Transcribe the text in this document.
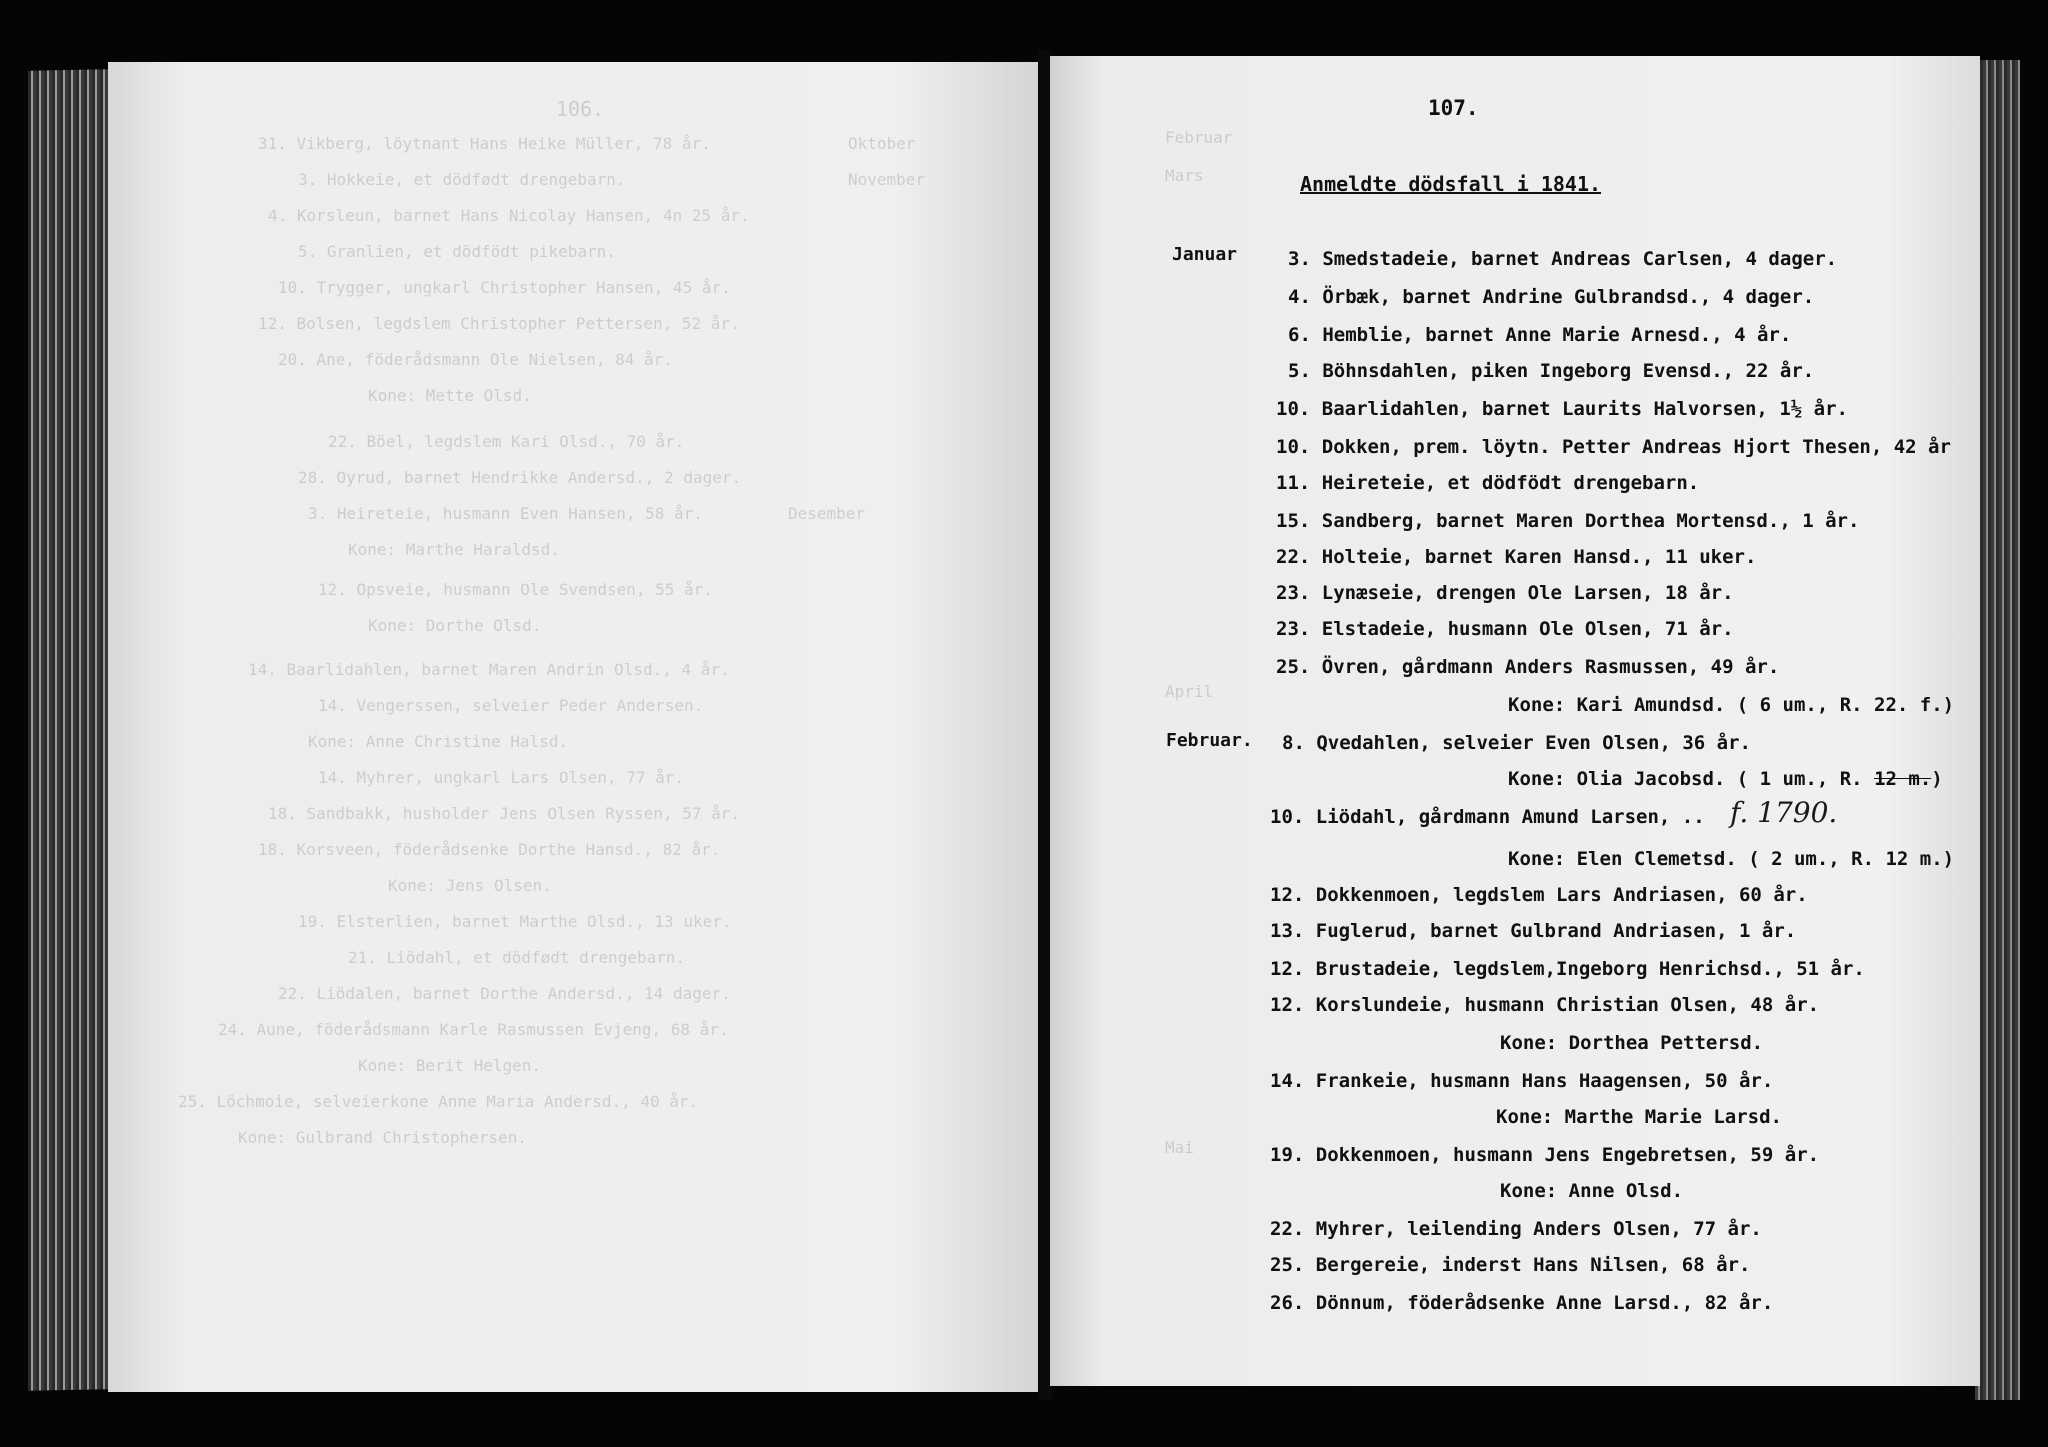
106.
Oktober
November
Desember
31. Vikberg, löytnant Hans Heike Müller, 78 år.
3. Hokkeie, et dödfødt drengebarn.
4. Korsleun, barnet Hans Nicolay Hansen, 4n 25 år.
5. Granlien, et dödfödt pikebarn.
10. Trygger, ungkarl Christopher Hansen, 45 år.
12. Bolsen, legdslem Christopher Pettersen, 52 år.
20. Ane, föderådsmann Ole Nielsen, 84 år.
Kone: Mette Olsd.
22. Böel, legdslem Kari Olsd., 70 år.
28. Oyrud, barnet Hendrikke Andersd., 2 dager.
3. Heireteie, husmann Even Hansen, 58 år.
Kone: Marthe Haraldsd.
12. Opsveie, husmann Ole Svendsen, 55 år.
Kone: Dorthe Olsd.
14. Baarlidahlen, barnet Maren Andrin Olsd., 4 år.
14. Vengerssen, selveier Peder Andersen.
Kone: Anne Christine Halsd.
14. Myhrer, ungkarl Lars Olsen, 77 år.
18. Sandbakk, husholder Jens Olsen Ryssen, 57 år.
18. Korsveen, föderådsenke Dorthe Hansd., 82 år.
Kone: Jens Olsen.
19. Elsterlien, barnet Marthe Olsd., 13 uker.
21. Liödahl, et dödfødt drengebarn.
22. Liödalen, barnet Dorthe Andersd., 14 dager.
24. Aune, föderådsmann Karle Rasmussen Evjeng, 68 år.
Kone: Berit Helgen.
25. Löchmoie, selveierkone Anne Maria Andersd., 40 år.
Kone: Gulbrand Christophersen.
Februar
Mars
April
Mai
107.
Anmeldte dödsfall i 1841.
Januar
Februar.
3. Smedstadeie, barnet Andreas Carlsen, 4 dager.
4. Örbæk, barnet Andrine Gulbrandsd., 4 dager.
6. Hemblie, barnet Anne Marie Arnesd., 4 år.
5. Böhnsdahlen, piken Ingeborg Evensd., 22 år.
10. Baarlidahlen, barnet Laurits Halvorsen, 1½ år.
10. Dokken, prem. löytn. Petter Andreas Hjort Thesen, 42 år
11. Heireteie, et dödfödt drengebarn.
15. Sandberg, barnet Maren Dorthea Mortensd., 1 år.
22. Holteie, barnet Karen Hansd., 11 uker.
23. Lynæseie, drengen Ole Larsen, 18 år.
23. Elstadeie, husmann Ole Olsen, 71 år.
25. Övren, gårdmann Anders Rasmussen, 49 år.
Kone: Kari Amundsd. ( 6 um., R. 22. f.)
8. Qvedahlen, selveier Even Olsen, 36 år.
Kone: Olia Jacobsd. ( 1 um., R. 12 m.)
10. Liödahl, gårdmann Amund Larsen, .. f. 1790.
Kone: Elen Clemetsd. ( 2 um., R. 12 m.)
12. Dokkenmoen, legdslem Lars Andriasen, 60 år.
13. Fuglerud, barnet Gulbrand Andriasen, 1 år.
12. Brustadeie, legdslem,Ingeborg Henrichsd., 51 år.
12. Korslundeie, husmann Christian Olsen, 48 år.
Kone: Dorthea Pettersd.
14. Frankeie, husmann Hans Haagensen, 50 år.
Kone: Marthe Marie Larsd.
19. Dokkenmoen, husmann Jens Engebretsen, 59 år.
Kone: Anne Olsd.
22. Myhrer, leilending Anders Olsen, 77 år.
25. Bergereie, inderst Hans Nilsen, 68 år.
26. Dönnum, föderådsenke Anne Larsd., 82 år.
